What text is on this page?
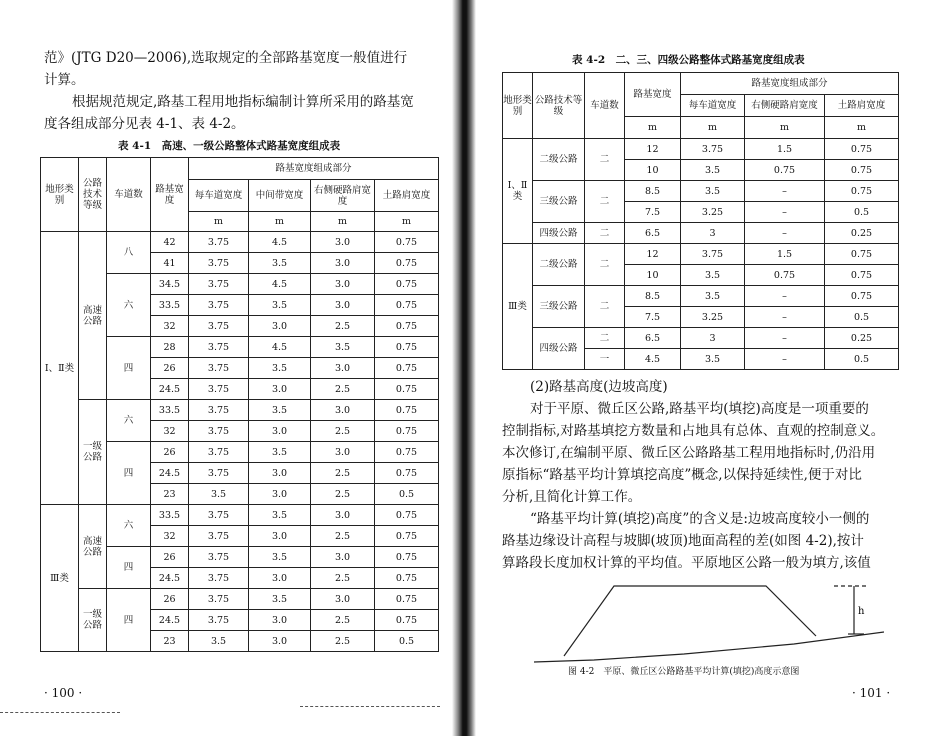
范》(JTG D20—2006),选取规定的全部路基宽度一般值进行
计算。
根据规范规定,路基工程用地指标编制计算所采用的路基宽
度各组成部分见表 4-1、表 4-2。
表 4-1　高速、一级公路整体式路基宽度组成表
地形类别	公路技术等级	车道数	路基宽度	路基宽度组成部分				
				每车道宽度	中间带宽度	右侧硬路肩宽度	土路肩宽度	
				m	m	m	m	
Ⅰ、Ⅱ类	高速公路	八	42	3.75	4.5	3.0	0.75	
			41	3.75	3.5	3.0	0.75	
		六	34.5	3.75	4.5	3.0	0.75	
			33.5	3.75	3.5	3.0	0.75	
			32	3.75	3.0	2.5	0.75	
		四	28	3.75	4.5	3.5	0.75	
			26	3.75	3.5	3.0	0.75	
			24.5	3.75	3.0	2.5	0.75	
	一级公路	六	33.5	3.75	3.5	3.0	0.75	
			32	3.75	3.0	2.5	0.75	
		四	26	3.75	3.5	3.0	0.75	
			24.5	3.75	3.0	2.5	0.75	
			23	3.5	3.0	2.5	0.5	
Ⅲ类	高速公路	六	33.5	3.75	3.5	3.0	0.75	
			32	3.75	3.0	2.5	0.75	
		四	26	3.75	3.5	3.0	0.75	
			24.5	3.75	3.0	2.5	0.75	
	一级公路	四	26	3.75	3.5	3.0	0.75	
			24.5	3.75	3.0	2.5	0.75	
			23	3.5	3.0	2.5	0.5	
· 100 ·
表 4-2　二、三、四级公路整体式路基宽度组成表
地形类别	公路技术等级	车道数	路基宽度	路基宽度组成部分		
				每车道宽度	右侧硬路肩宽度	土路肩宽度
			m	m	m	m
Ⅰ、Ⅱ类	二级公路	二	12	3.75	1.5	0.75
			10	3.5	0.75	0.75
	三级公路	二	8.5	3.5	–	0.75
			7.5	3.25	–	0.5
	四级公路	二	6.5	3	–	0.25
Ⅲ类	二级公路	二	12	3.75	1.5	0.75
			10	3.5	0.75	0.75
	三级公路	二	8.5	3.5	–	0.75
			7.5	3.25	–	0.5
	四级公路	二	6.5	3	–	0.25
		一	4.5	3.5	–	0.5
(2)路基高度(边坡高度)
对于平原、微丘区公路,路基平均(填挖)高度是一项重要的
控制指标,对路基填挖方数量和占地具有总体、直观的控制意义。
本次修订,在编制平原、微丘区公路路基工程用地指标时,仍沿用
原指标“路基平均计算填挖高度”概念,以保持延续性,便于对比
分析,且简化计算工作。
“路基平均计算(填挖)高度”的含义是:边坡高度较小一侧的
路基边缘设计高程与坡脚(坡顶)地面高程的差(如图 4-2),按计
算路段长度加权计算的平均值。平原地区公路一般为填方,该值
h
图 4-2　平原、微丘区公路路基平均计算(填挖)高度示意图
· 101 ·
